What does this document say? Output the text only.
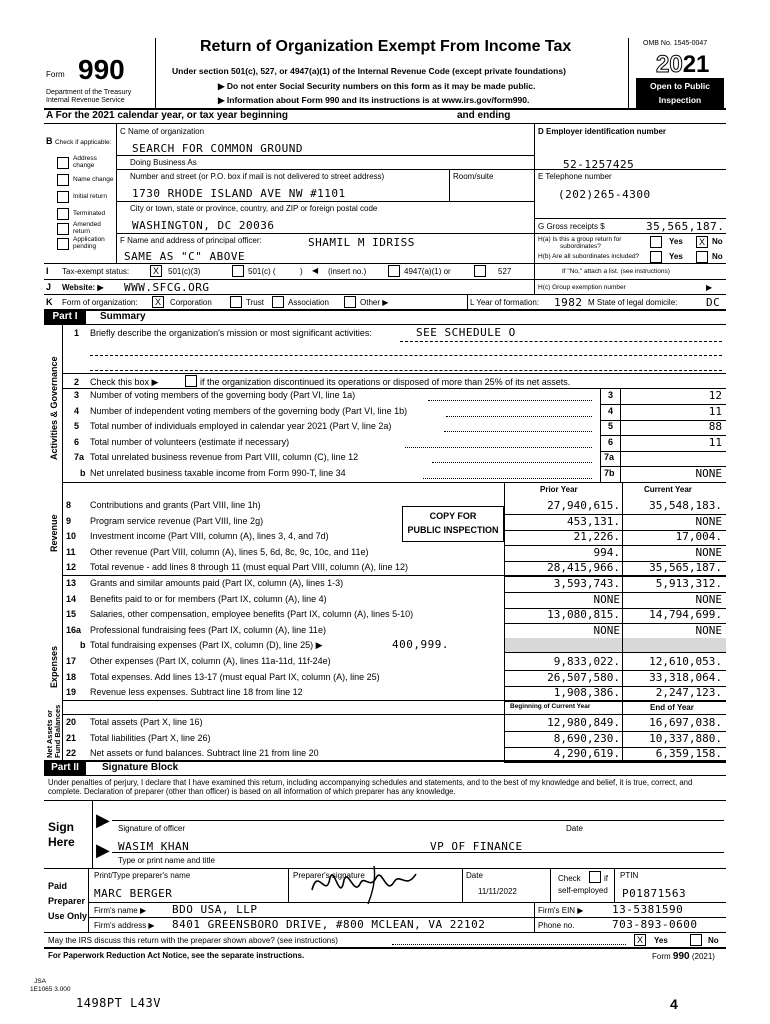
Form 990
Department of the Treasury
Internal Revenue Service
Return of Organization Exempt From Income Tax
Under section 501(c), 527, or 4947(a)(1) of the Internal Revenue Code (except private foundations)
▶ Do not enter Social Security numbers on this form as it may be made public.
▶ Information about Form 990 and its instructions is at www.irs.gov/form990.
OMB No. 1545-0047
2021
Open to Public
Inspection
A For the 2021 calendar year, or tax year beginning	and ending
B Check if applicable:
Address change
Name change
Initial return
Terminated
Amended return
Application pending
C Name of organization
SEARCH FOR COMMON GROUND
Doing Business As
Number and street (or P.O. box if mail is not delivered to street address)	Room/suite
1730 RHODE ISLAND AVE NW #1101
City or town, state or province, country, and ZIP or foreign postal code
WASHINGTON, DC 20036
F Name and address of principal officer:	SHAMIL M IDRISS
SAME AS "C" ABOVE
D Employer identification number
52-1257425
E Telephone number
(202)265-4300
G Gross receipts $	35,565,187.
H(a) Is this a group return for
subordinates?
Yes	X No
H(b) Are all subordinates included?	Yes	No
I Tax-exempt status:	X	501(c)(3)	501(c) (	) ◀ (insert no.)	4947(a)(1) or	527	If "No," attach a list. (see instructions)
J Website: ▶ WWW.SFCG.ORG	H(c) Group exemption number	▶
K Form of organization:	X	Corporation	Trust	Association	Other ▶	L Year of formation: 1982 M State of legal domicile:	DC
Part I	Summary
Activities & Governance
Revenue
Expenses
Net Assets or Fund Balances
1 Briefly describe the organization's mission or most significant activities:	SEE SCHEDULE O
2 Check this box ▶	if the organization discontinued its operations or disposed of more than 25% of its net assets.
3 Number of voting members of the governing body (Part VI, line 1a)	3	12
4 Number of independent voting members of the governing body (Part VI, line 1b)	4	11
5 Total number of individuals employed in calendar year 2021 (Part V, line 2a)	5	88
6 Total number of volunteers (estimate if necessary)	6	11
7a Total unrelated business revenue from Part VIII, column (C), line 12	7a
b Net unrelated business taxable income from Form 990-T, line 34	7b	NONE
Prior Year	Current Year
8 Contributions and grants (Part VIII, line 1h)	27,940,615.	35,548,183.
9 Program service revenue (Part VIII, line 2g)	453,131.	NONE
10 Investment income (Part VIII, column (A), lines 3, 4, and 7d)	21,226.	17,004.
11 Other revenue (Part VIII, column (A), lines 5, 6d, 8c, 9c, 10c, and 11e)	994.	NONE
12 Total revenue - add lines 8 through 11 (must equal Part VIII, column (A), line 12)	28,415,966.	35,565,187.
COPY FOR
PUBLIC INSPECTION
13 Grants and similar amounts paid (Part IX, column (A), lines 1-3)	3,593,743.	5,913,312.
14 Benefits paid to or for members (Part IX, column (A), line 4)	NONE	NONE
15 Salaries, other compensation, employee benefits (Part IX, column (A), lines 5-10)	13,080,815.	14,794,699.
16a Professional fundraising fees (Part IX, column (A), line 11e)	NONE	NONE
b Total fundraising expenses (Part IX, column (D), line 25) ▶	400,999.
17 Other expenses (Part IX, column (A), lines 11a-11d, 11f-24e)	9,833,022.	12,610,053.
18 Total expenses. Add lines 13-17 (must equal Part IX, column (A), line 25)	26,507,580.	33,318,064.
19 Revenue less expenses. Subtract line 18 from line 12	1,908,386.	2,247,123.
Beginning of Current Year	End of Year
20 Total assets (Part X, line 16)	12,980,849.	16,697,038.
21 Total liabilities (Part X, line 26)	8,690,230.	10,337,880.
22 Net assets or fund balances. Subtract line 21 from line 20	4,290,619.	6,359,158.
Part II	Signature Block
Under penalties of perjury, I declare that I have examined this return, including accompanying schedules and statements, and to the best of my knowledge and belief, it is true, correct, and complete. Declaration of preparer (other than officer) is based on all information of which preparer has any knowledge.
Sign
Here
▶
▶
Signature of officer	Date
WASIM KHAN	VP OF FINANCE
Type or print name and title
Paid
Preparer
Use Only
Print/Type preparer's name	Preparer's signature	Date	Check	if
self-employed
PTIN
MARC BERGER	11/11/2022	P01871563
Firm's name ▶ BDO USA, LLP	Firm's EIN ▶	13-5381590
Firm's address ▶ 8401 GREENSBORO DRIVE, #800 MCLEAN, VA 22102	Phone no.	703-893-0600
May the IRS discuss this return with the preparer shown above? (see instructions)	X	Yes	No
For Paperwork Reduction Act Notice, see the separate instructions.	Form 990 (2021)
JSA
1E1065 3.000
1498PT L43V	4
